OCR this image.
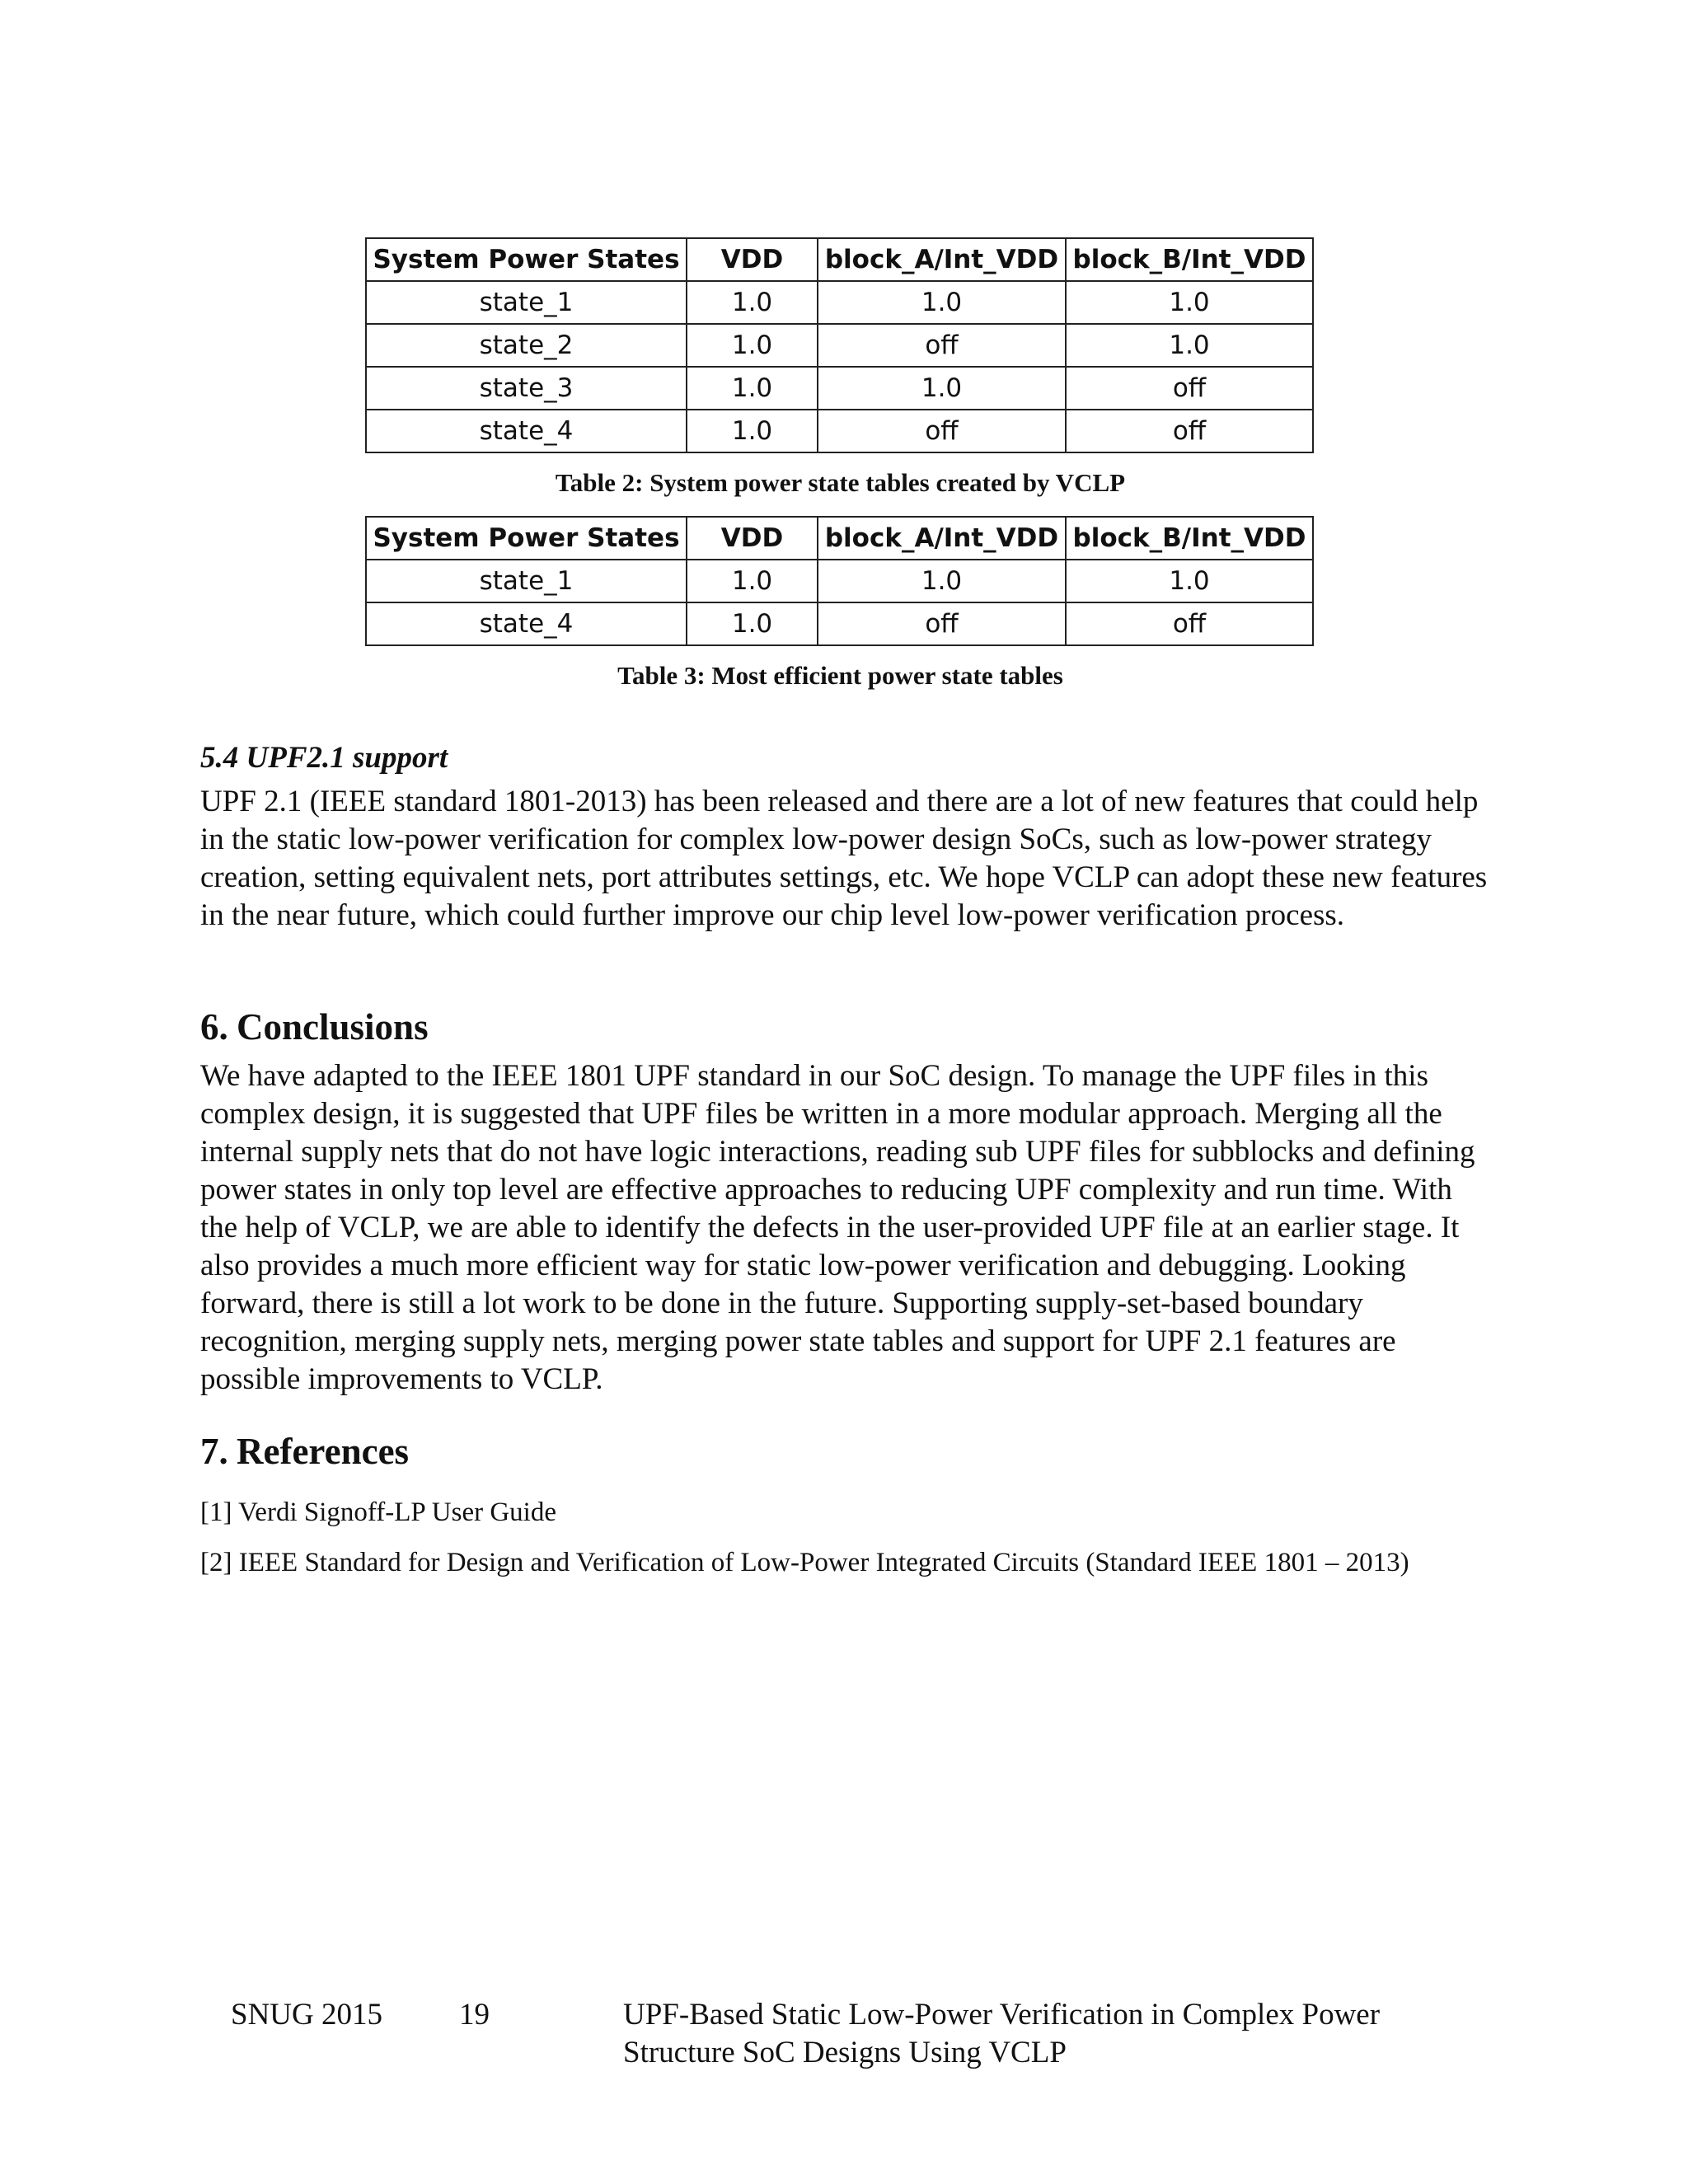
System Power States	VDD	block_A/Int_VDD	block_B/Int_VDD
state_1	1.0	1.0	1.0
state_2	1.0	off	1.0
state_3	1.0	1.0	off
state_4	1.0	off	off
Table 2: System power state tables created by VCLP
System Power States	VDD	block_A/Int_VDD	block_B/Int_VDD
state_1	1.0	1.0	1.0
state_4	1.0	off	off
Table 3: Most efficient power state tables
5.4 UPF2.1 support

UPF 2.1 (IEEE standard 1801-2013) has been released and there are a lot of new features that could help in the static low-power verification for complex low-power design SoCs, such as low-power strategy creation, setting equivalent nets, port attributes settings, etc. We hope VCLP can adopt these new features in the near future, which could further improve our chip level low-power verification process.

6. Conclusions

We have adapted to the IEEE 1801 UPF standard in our SoC design. To manage the UPF files in this complex design, it is suggested that UPF files be written in a more modular approach. Merging all the internal supply nets that do not have logic interactions, reading sub UPF files for subblocks and defining power states in only top level are effective approaches to reducing UPF complexity and run time. With the help of VCLP, we are able to identify the defects in the user-provided UPF file at an earlier stage. It also provides a much more efficient way for static low-power verification and debugging. Looking forward, there is still a lot work to be done in the future. Supporting supply-set-based boundary recognition, merging supply nets, merging power state tables and support for UPF 2.1 features are possible improvements to VCLP.

7. References

[1] Verdi Signoff-LP User Guide

[2] IEEE Standard for Design and Verification of Low-Power Integrated Circuits (Standard IEEE 1801 – 2013)

SNUG 2015	19	UPF-Based Static Low-Power Verification in Complex Power
Structure SoC Designs Using VCLP
